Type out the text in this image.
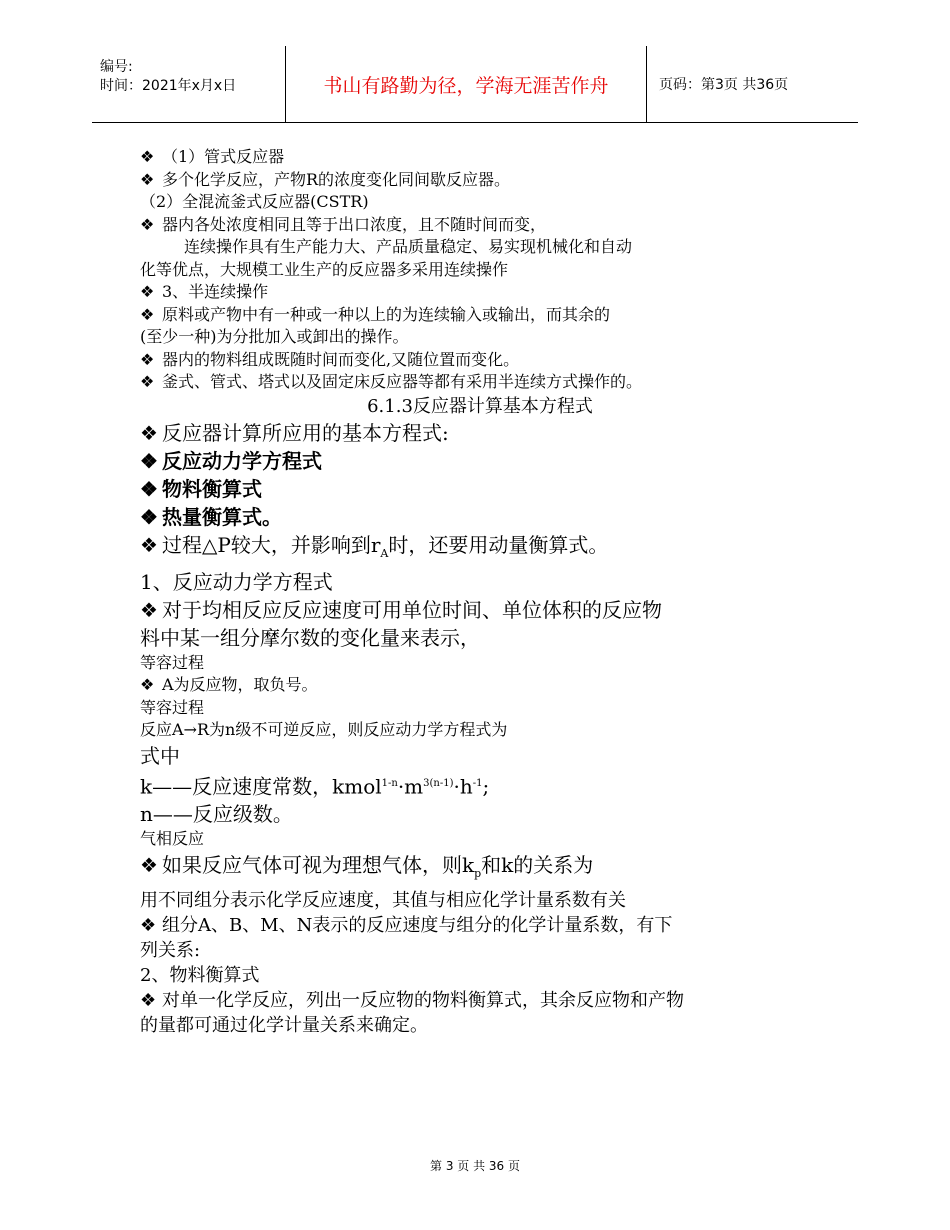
编号:
时间：2021年x月x日	书山有路勤为径，学海无涯苦作舟	页码：第3页 共36页
❖ （1）管式反应器
❖ 多个化学反应，产物R的浓度变化同间歇反应器。
（2）全混流釜式反应器(CSTR)
❖ 器内各处浓度相同且等于出口浓度，且不随时间而变，
连续操作具有生产能力大、产品质量稳定、易实现机械化和自动
化等优点，大规模工业生产的反应器多采用连续操作
❖ 3、半连续操作
❖ 原料或产物中有一种或一种以上的为连续输入或输出，而其余的
(至少一种)为分批加入或卸出的操作。
❖ 器内的物料组成既随时间而变化,又随位置而变化。
❖ 釜式、管式、塔式以及固定床反应器等都有采用半连续方式操作的。
6.1.3反应器计算基本方程式
❖ 反应器计算所应用的基本方程式:
❖ 反应动力学方程式
❖ 物料衡算式
❖ 热量衡算式。
❖ 过程△P较大，并影响到$r_A$时，还要用动量衡算式。
1、反应动力学方程式
❖ 对于均相反应反应速度可用单位时间、单位体积的反应物
料中某一组分摩尔数的变化量来表示，
等容过程
❖ A为反应物，取负号。
等容过程
反应A→R为n级不可逆反应，则反应动力学方程式为
式中
k——反应速度常数，$kmol^{1-n}\cdot m^{3(n-1)}\cdot h^{-1}$;
n——反应级数。
气相反应
❖ 如果反应气体可视为理想气体，则$k_p$和k的关系为
用不同组分表示化学反应速度，其值与相应化学计量系数有关
❖ 组分A、B、M、N表示的反应速度与组分的化学计量系数，有下
列关系:
2、物料衡算式
❖ 对单一化学反应，列出一反应物的物料衡算式，其余反应物和产物
的量都可通过化学计量关系来确定。
第 3 页 共 36 页
